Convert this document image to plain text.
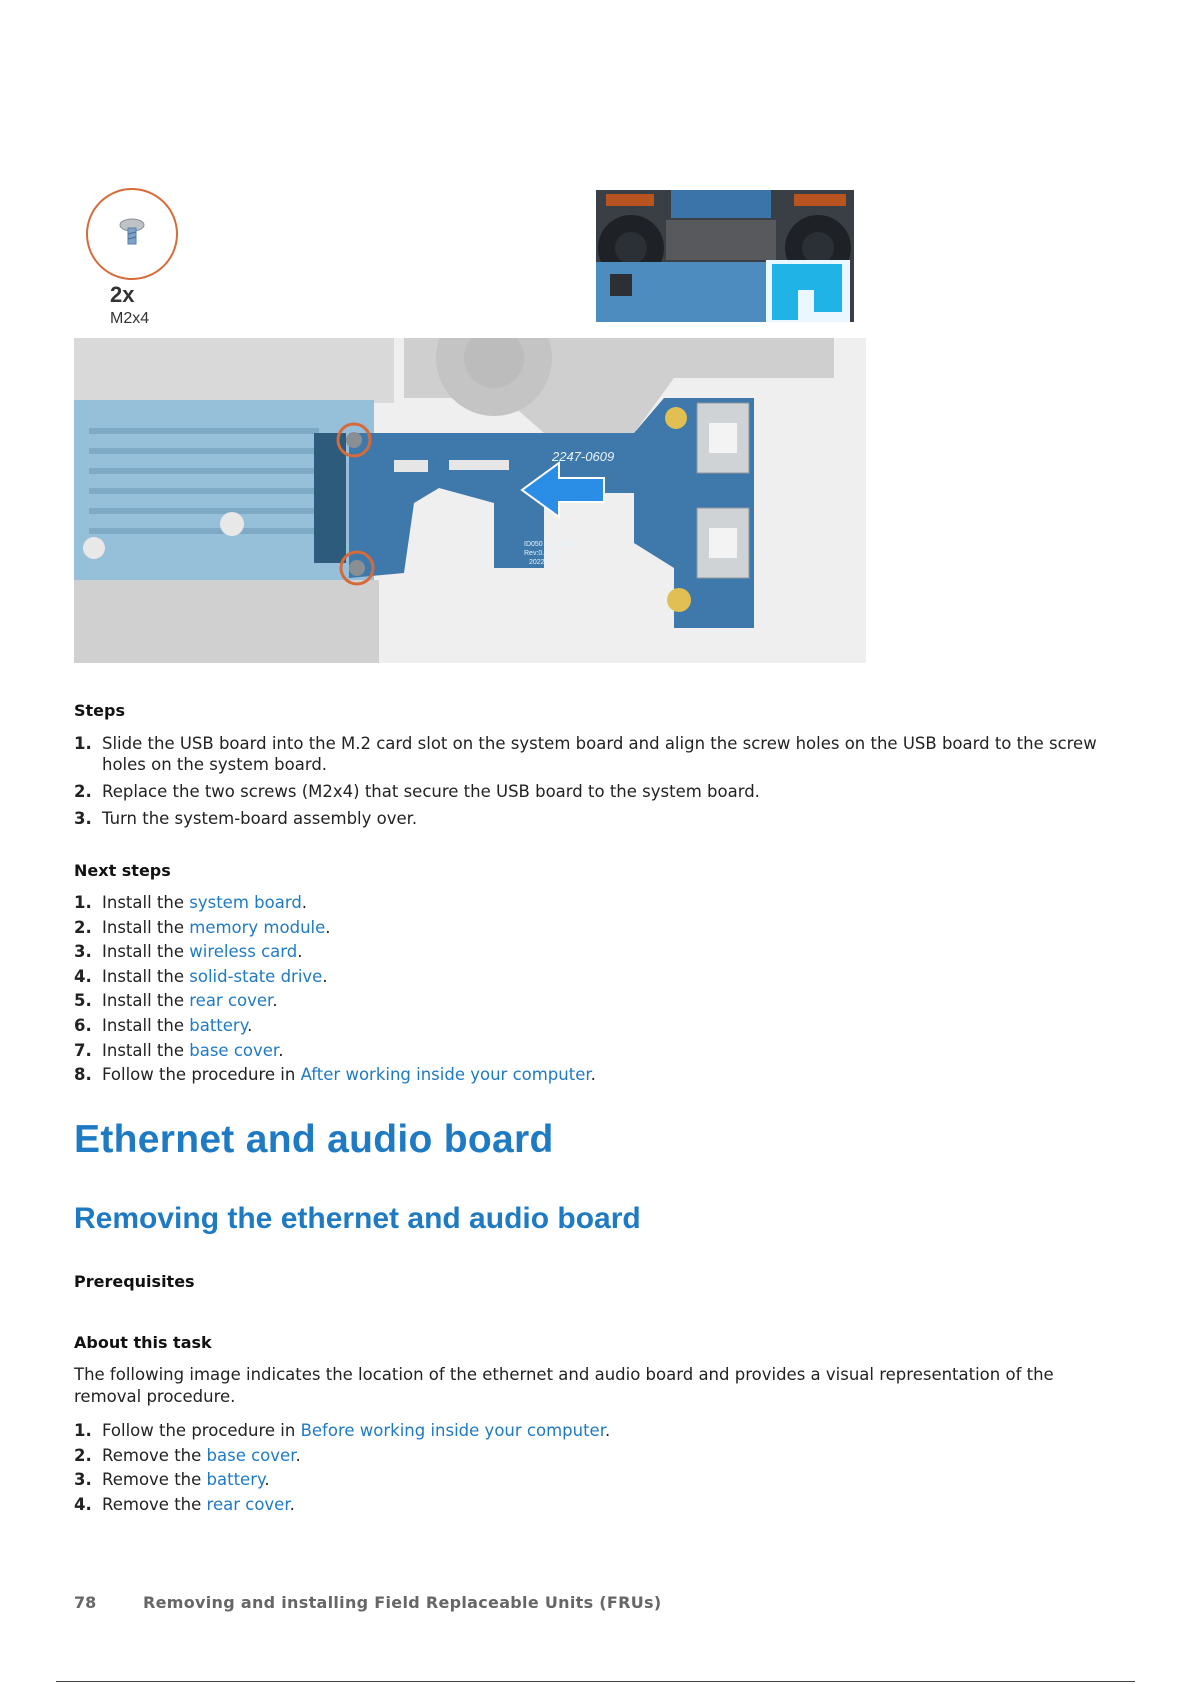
2x
M2x4
2247-0609
ID050 LS-M535P
Rev:0.4(X03)
2022-11-03
Steps
1. Slide the USB board into the M.2 card slot on the system board and align the screw holes on the USB board to the screw holes on the system board.
2. Replace the two screws (M2x4) that secure the USB board to the system board.
3. Turn the system-board assembly over.
Next steps
1. Install the system board.
2. Install the memory module.
3. Install the wireless card.
4. Install the solid-state drive.
5. Install the rear cover.
6. Install the battery.
7. Install the base cover.
8. Follow the procedure in After working inside your computer.
Ethernet and audio board
Removing the ethernet and audio board
Prerequisites
About this task
The following image indicates the location of the ethernet and audio board and provides a visual representation of the removal procedure.
1. Follow the procedure in Before working inside your computer.
2. Remove the base cover.
3. Remove the battery.
4. Remove the rear cover.
78	Removing and installing Field Replaceable Units (FRUs)
